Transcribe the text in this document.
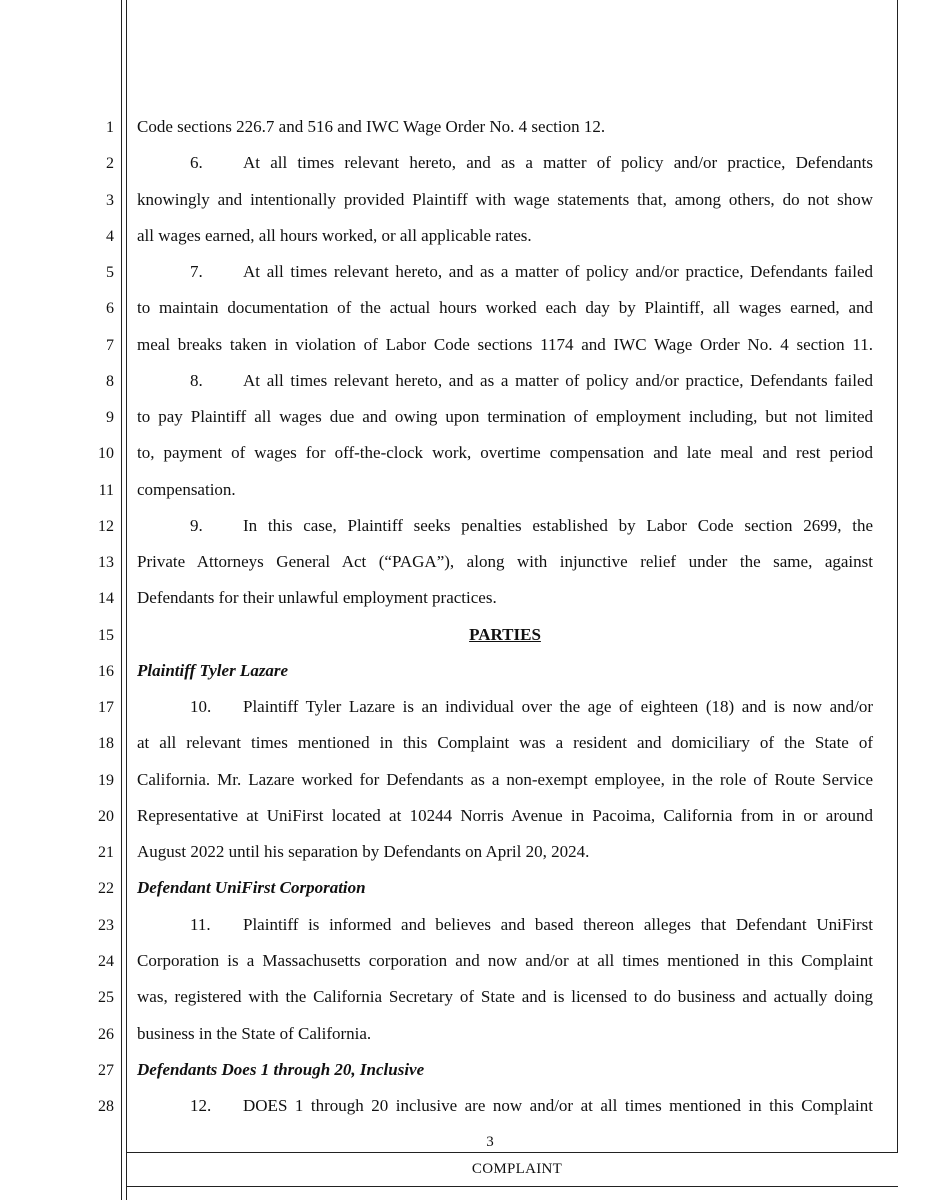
1
2
3
4
5
6
7
8
9
10
11
12
13
14
15
16
17
18
19
20
21
22
23
24
25
26
27
28
Code sections 226.7 and 516 and IWC Wage Order No. 4 section 12.
6. At all times relevant hereto, and as a matter of policy and/or practice, Defendants
knowingly and intentionally provided Plaintiff with wage statements that, among others, do not show
all wages earned, all hours worked, or all applicable rates.
7. At all times relevant hereto, and as a matter of policy and/or practice, Defendants failed
to maintain documentation of the actual hours worked each day by Plaintiff, all wages earned, and
meal breaks taken in violation of Labor Code sections 1174 and IWC Wage Order No. 4 section 11.
8. At all times relevant hereto, and as a matter of policy and/or practice, Defendants failed
to pay Plaintiff all wages due and owing upon termination of employment including, but not limited
to, payment of wages for off-the-clock work, overtime compensation and late meal and rest period
compensation.
9. In this case, Plaintiff seeks penalties established by Labor Code section 2699, the
Private Attorneys General Act (“PAGA”), along with injunctive relief under the same, against
Defendants for their unlawful employment practices.
PARTIES
Plaintiff Tyler Lazare
10. Plaintiff Tyler Lazare is an individual over the age of eighteen (18) and is now and/or
at all relevant times mentioned in this Complaint was a resident and domiciliary of the State of
California. Mr. Lazare worked for Defendants as a non-exempt employee, in the role of Route Service
Representative at UniFirst located at 10244 Norris Avenue in Pacoima, California from in or around
August 2022 until his separation by Defendants on April 20, 2024.
Defendant UniFirst Corporation
11. Plaintiff is informed and believes and based thereon alleges that Defendant UniFirst
Corporation is a Massachusetts corporation and now and/or at all times mentioned in this Complaint
was, registered with the California Secretary of State and is licensed to do business and actually doing
business in the State of California.
Defendants Does 1 through 20, Inclusive
12. DOES 1 through 20 inclusive are now and/or at all times mentioned in this Complaint
3
COMPLAINT
